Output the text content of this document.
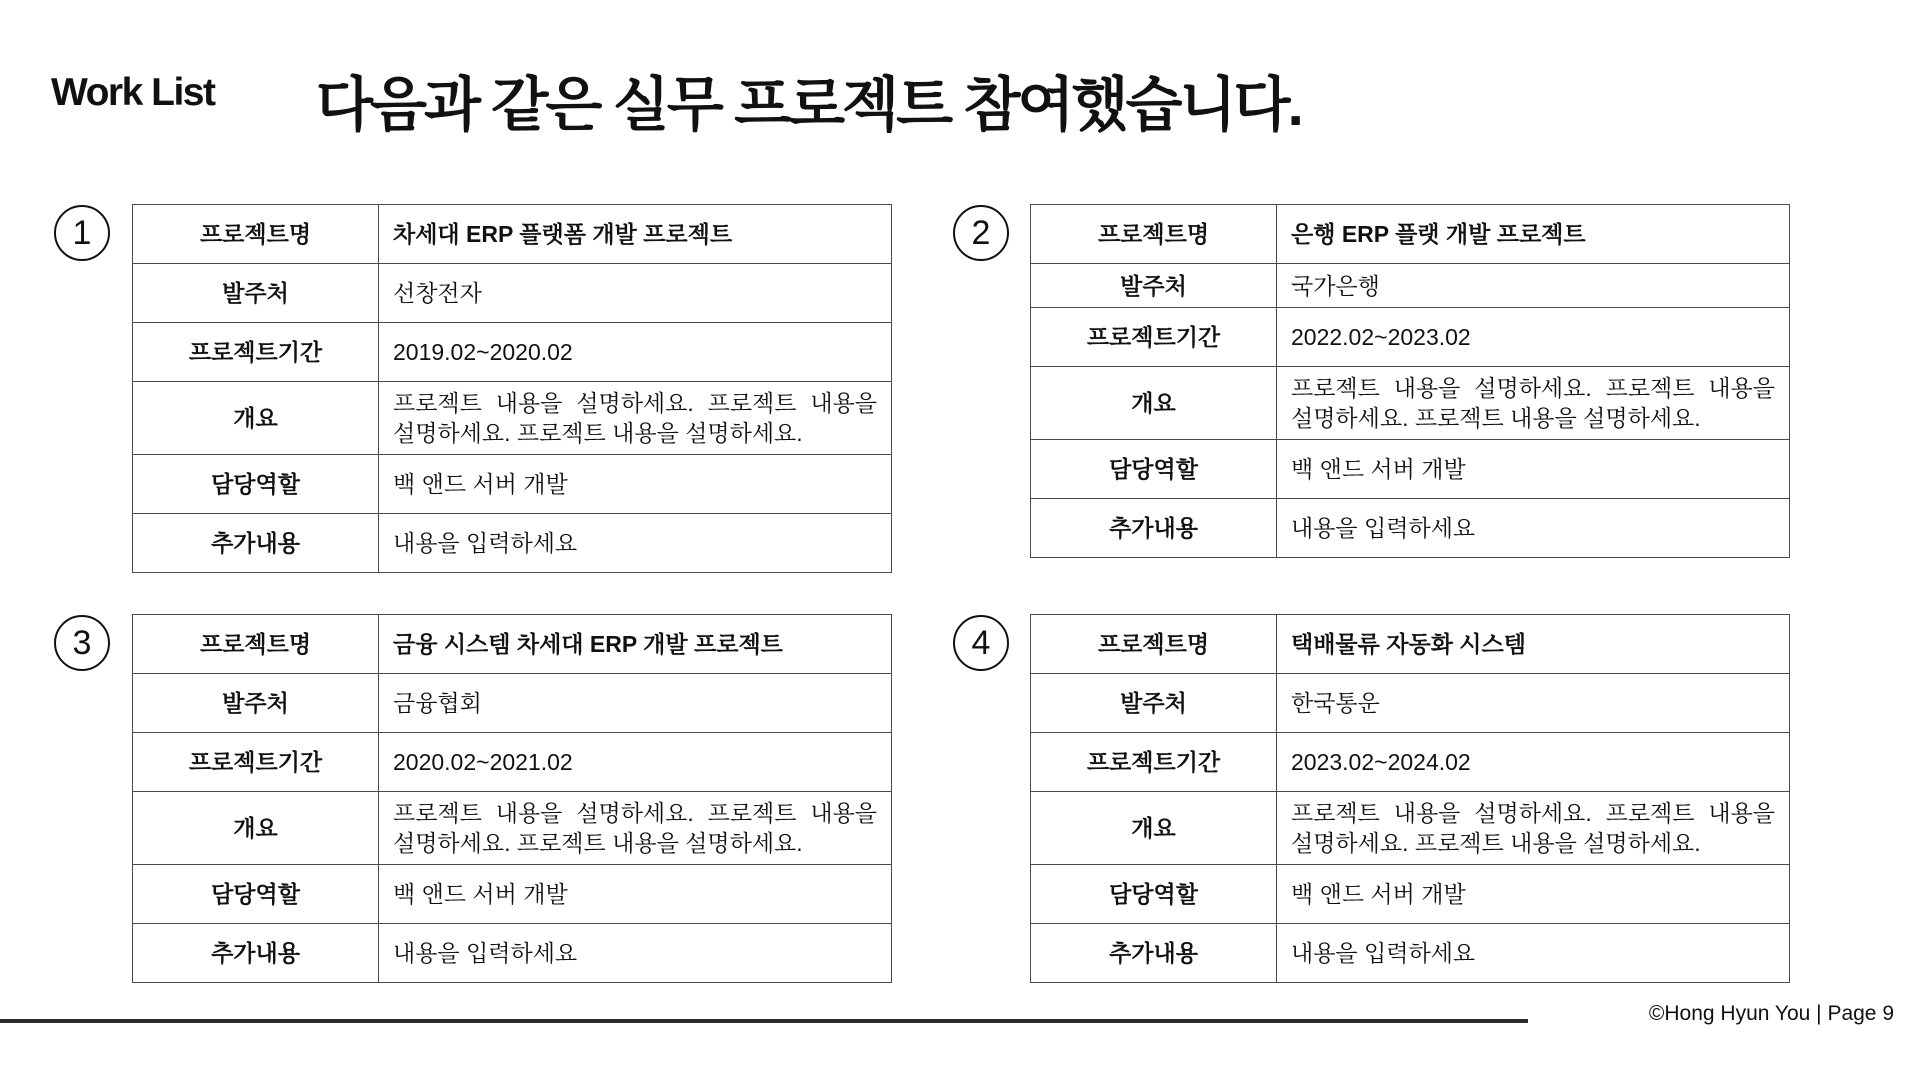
Work List 다음과 같은 실무 프로젝트 참여했습니다.
1	프로젝트명	차세대 ERP 플랫폼 개발 프로젝트
발주처	선창전자
프로젝트기간	2019.02~2020.02
개요	프로젝트 내용을 설명하세요. 프로젝트 내용을 설명하세요. 프로젝트 내용을 설명하세요.
담당역할	백 앤드 서버 개발
추가내용	내용을 입력하세요
2	프로젝트명	은행 ERP 플랫 개발 프로젝트
발주처	국가은행
프로젝트기간	2022.02~2023.02
개요	프로젝트 내용을 설명하세요. 프로젝트 내용을 설명하세요. 프로젝트 내용을 설명하세요.
담당역할	백 앤드 서버 개발
추가내용	내용을 입력하세요
3	프로젝트명	금융 시스템 차세대 ERP 개발 프로젝트
발주처	금융협회
프로젝트기간	2020.02~2021.02
개요	프로젝트 내용을 설명하세요. 프로젝트 내용을 설명하세요. 프로젝트 내용을 설명하세요.
담당역할	백 앤드 서버 개발
추가내용	내용을 입력하세요
4	프로젝트명	택배물류 자동화 시스템
발주처	한국통운
프로젝트기간	2023.02~2024.02
개요	프로젝트 내용을 설명하세요. 프로젝트 내용을 설명하세요. 프로젝트 내용을 설명하세요.
담당역할	백 앤드 서버 개발
추가내용	내용을 입력하세요
©Hong Hyun You | Page 9
